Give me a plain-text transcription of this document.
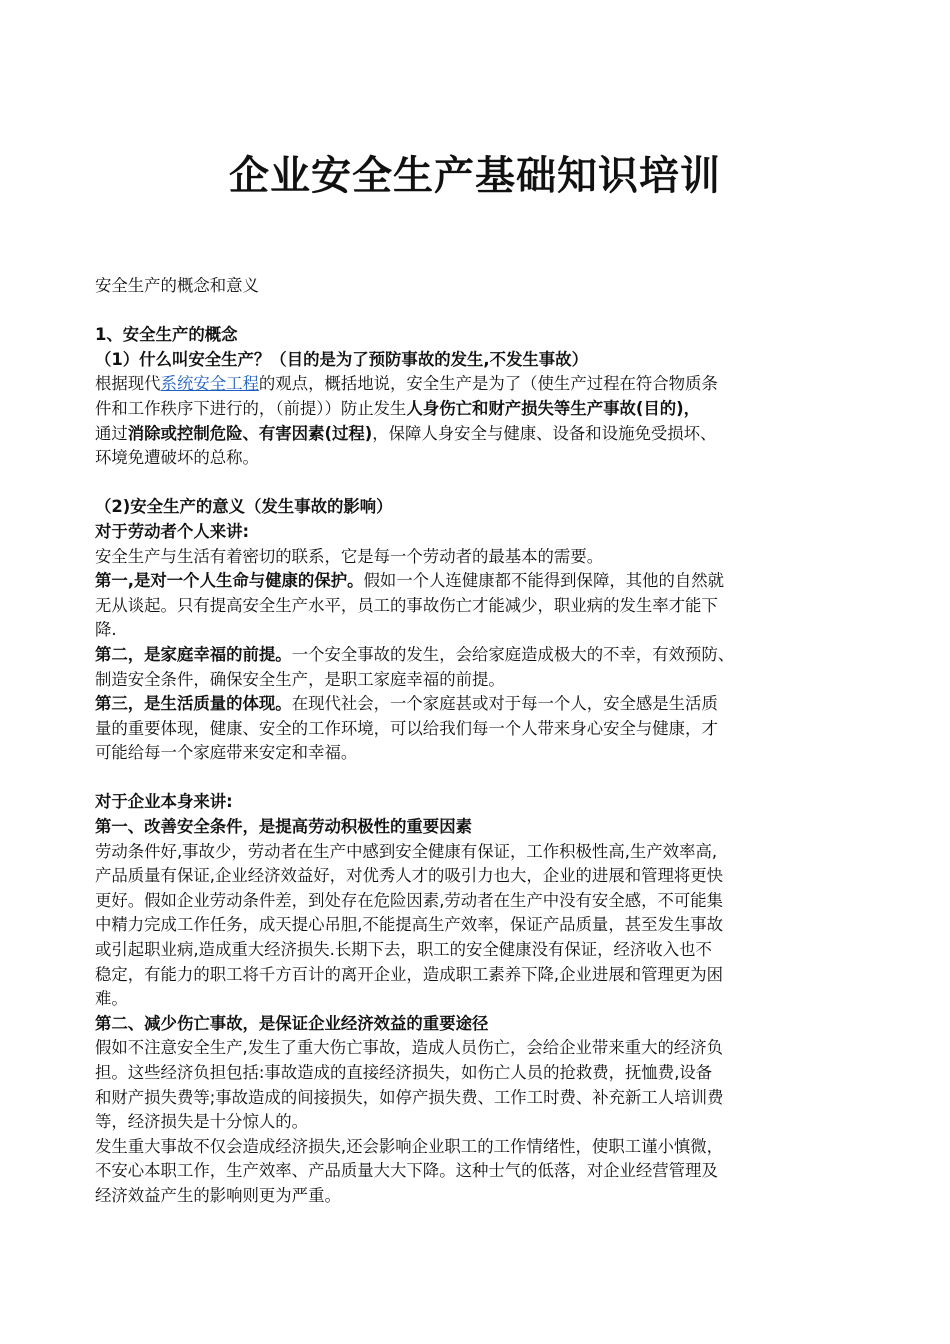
企业安全生产基础知识培训
安全生产的概念和意义
1、安全生产的概念
（1）什么叫安全生产？（目的是为了预防事故的发生,不发生事故）
根据现代系统安全工程的观点，概括地说，安全生产是为了（使生产过程在符合物质条
件和工作秩序下进行的，（前提））防止发生人身伤亡和财产损失等生产事故(目的)，
通过消除或控制危险、有害因素(过程)，保障人身安全与健康、设备和设施免受损坏、
环境免遭破坏的总称。
（2)安全生产的意义（发生事故的影响）
对于劳动者个人来讲:
安全生产与生活有着密切的联系，它是每一个劳动者的最基本的需要。
第一,是对一个人生命与健康的保护。假如一个人连健康都不能得到保障，其他的自然就
无从谈起。只有提高安全生产水平，员工的事故伤亡才能减少，职业病的发生率才能下
降.
第二，是家庭幸福的前提。一个安全事故的发生，会给家庭造成极大的不幸，有效预防、
制造安全条件，确保安全生产，是职工家庭幸福的前提。
第三，是生活质量的体现。在现代社会，一个家庭甚或对于每一个人，安全感是生活质
量的重要体现，健康、安全的工作环境，可以给我们每一个人带来身心安全与健康，才
可能给每一个家庭带来安定和幸福。
对于企业本身来讲:
第一、改善安全条件，是提高劳动积极性的重要因素
劳动条件好,事故少，劳动者在生产中感到安全健康有保证，工作积极性高,生产效率高,
产品质量有保证,企业经济效益好，对优秀人才的吸引力也大，企业的进展和管理将更快
更好。假如企业劳动条件差，到处存在危险因素,劳动者在生产中没有安全感，不可能集
中精力完成工作任务，成天提心吊胆,不能提高生产效率，保证产品质量，甚至发生事故
或引起职业病,造成重大经济损失.长期下去，职工的安全健康没有保证，经济收入也不
稳定，有能力的职工将千方百计的离开企业，造成职工素养下降,企业进展和管理更为困
难。
第二、减少伤亡事故，是保证企业经济效益的重要途径
假如不注意安全生产,发生了重大伤亡事故，造成人员伤亡，会给企业带来重大的经济负
担。这些经济负担包括:事故造成的直接经济损失，如伤亡人员的抢救费，抚恤费,设备
和财产损失费等;事故造成的间接损失，如停产损失费、工作工时费、补充新工人培训费
等，经济损失是十分惊人的。
发生重大事故不仅会造成经济损失,还会影响企业职工的工作情绪性，使职工谨小慎微，
不安心本职工作，生产效率、产品质量大大下降。这种士气的低落，对企业经营管理及
经济效益产生的影响则更为严重。
